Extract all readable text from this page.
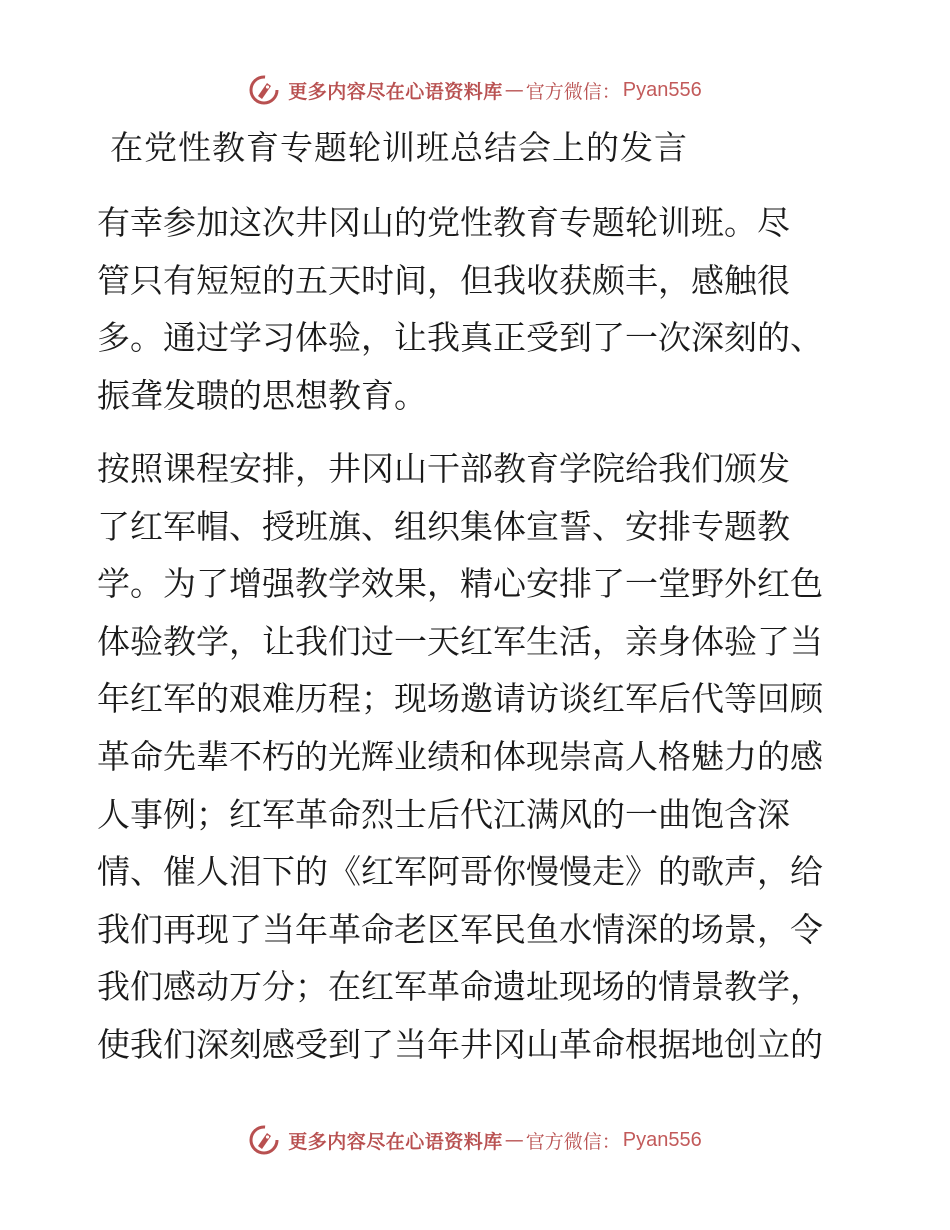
更多内容尽在心语资料库 — 官方微信： Pyan556
在党性教育专题轮训班总结会上的发言
有幸参加这次井冈山的党性教育专题轮训班。尽
管只有短短的五天时间，但我收获颇丰，感触很
多。通过学习体验，让我真正受到了一次深刻的、
振聋发聩的思想教育。
按照课程安排，井冈山干部教育学院给我们颁发
了红军帽、授班旗、组织集体宣誓、安排专题教
学。为了增强教学效果，精心安排了一堂野外红色
体验教学，让我们过一天红军生活，亲身体验了当
年红军的艰难历程；现场邀请访谈红军后代等回顾
革命先辈不朽的光辉业绩和体现崇高人格魅力的感
人事例；红军革命烈士后代江满风的一曲饱含深
情、催人泪下的《红军阿哥你慢慢走》的歌声，给
我们再现了当年革命老区军民鱼水情深的场景，令
我们感动万分；在红军革命遗址现场的情景教学，
使我们深刻感受到了当年井冈山革命根据地创立的
更多内容尽在心语资料库 — 官方微信： Pyan556
